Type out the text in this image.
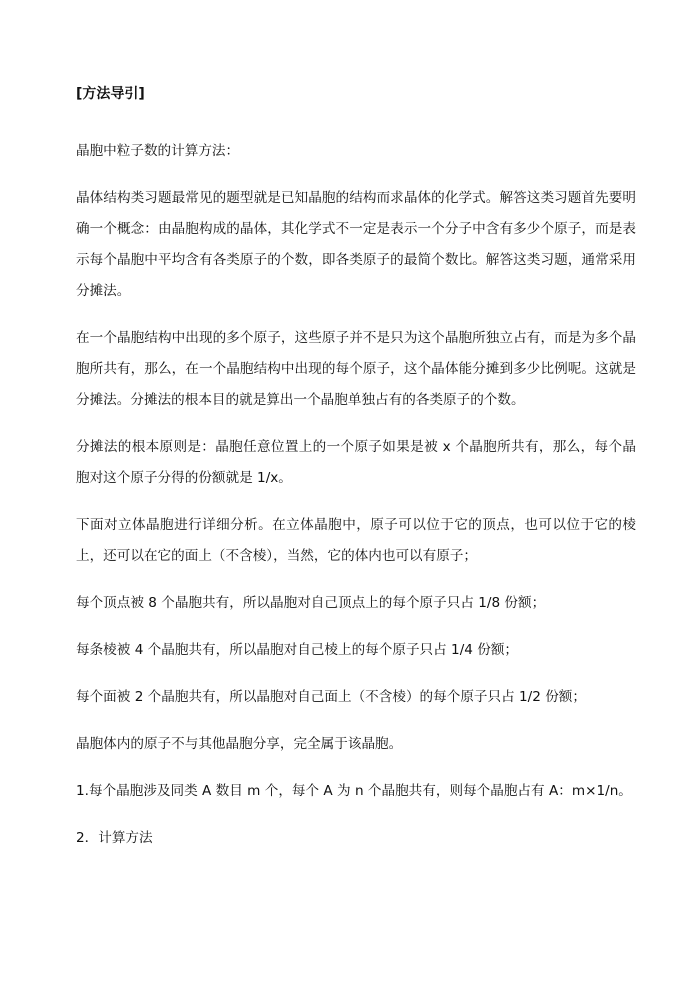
[方法导引]

晶胞中粒子数的计算方法：

晶体结构类习题最常见的题型就是已知晶胞的结构而求晶体的化学式。解答这类习题首先要明确一个概念：由晶胞构成的晶体，其化学式不一定是表示一个分子中含有多少个原子，而是表示每个晶胞中平均含有各类原子的个数，即各类原子的最简个数比。解答这类习题，通常采用分摊法。

在一个晶胞结构中出现的多个原子，这些原子并不是只为这个晶胞所独立占有，而是为多个晶胞所共有，那么，在一个晶胞结构中出现的每个原子，这个晶体能分摊到多少比例呢。这就是分摊法。分摊法的根本目的就是算出一个晶胞单独占有的各类原子的个数。

分摊法的根本原则是：晶胞任意位置上的一个原子如果是被 x 个晶胞所共有，那么，每个晶胞对这个原子分得的份额就是 1/x。

下面对立体晶胞进行详细分析。在立体晶胞中，原子可以位于它的顶点，也可以位于它的棱上，还可以在它的面上（不含棱），当然，它的体内也可以有原子；

每个顶点被 8 个晶胞共有，所以晶胞对自己顶点上的每个原子只占 1/8 份额；

每条棱被 4 个晶胞共有，所以晶胞对自己棱上的每个原子只占 1/4 份额；

每个面被 2 个晶胞共有，所以晶胞对自己面上（不含棱）的每个原子只占 1/2 份额；

晶胞体内的原子不与其他晶胞分享，完全属于该晶胞。

1.每个晶胞涉及同类 A 数目 m 个，每个 A 为 n 个晶胞共有，则每个晶胞占有 A：m×1/n。

2．计算方法
